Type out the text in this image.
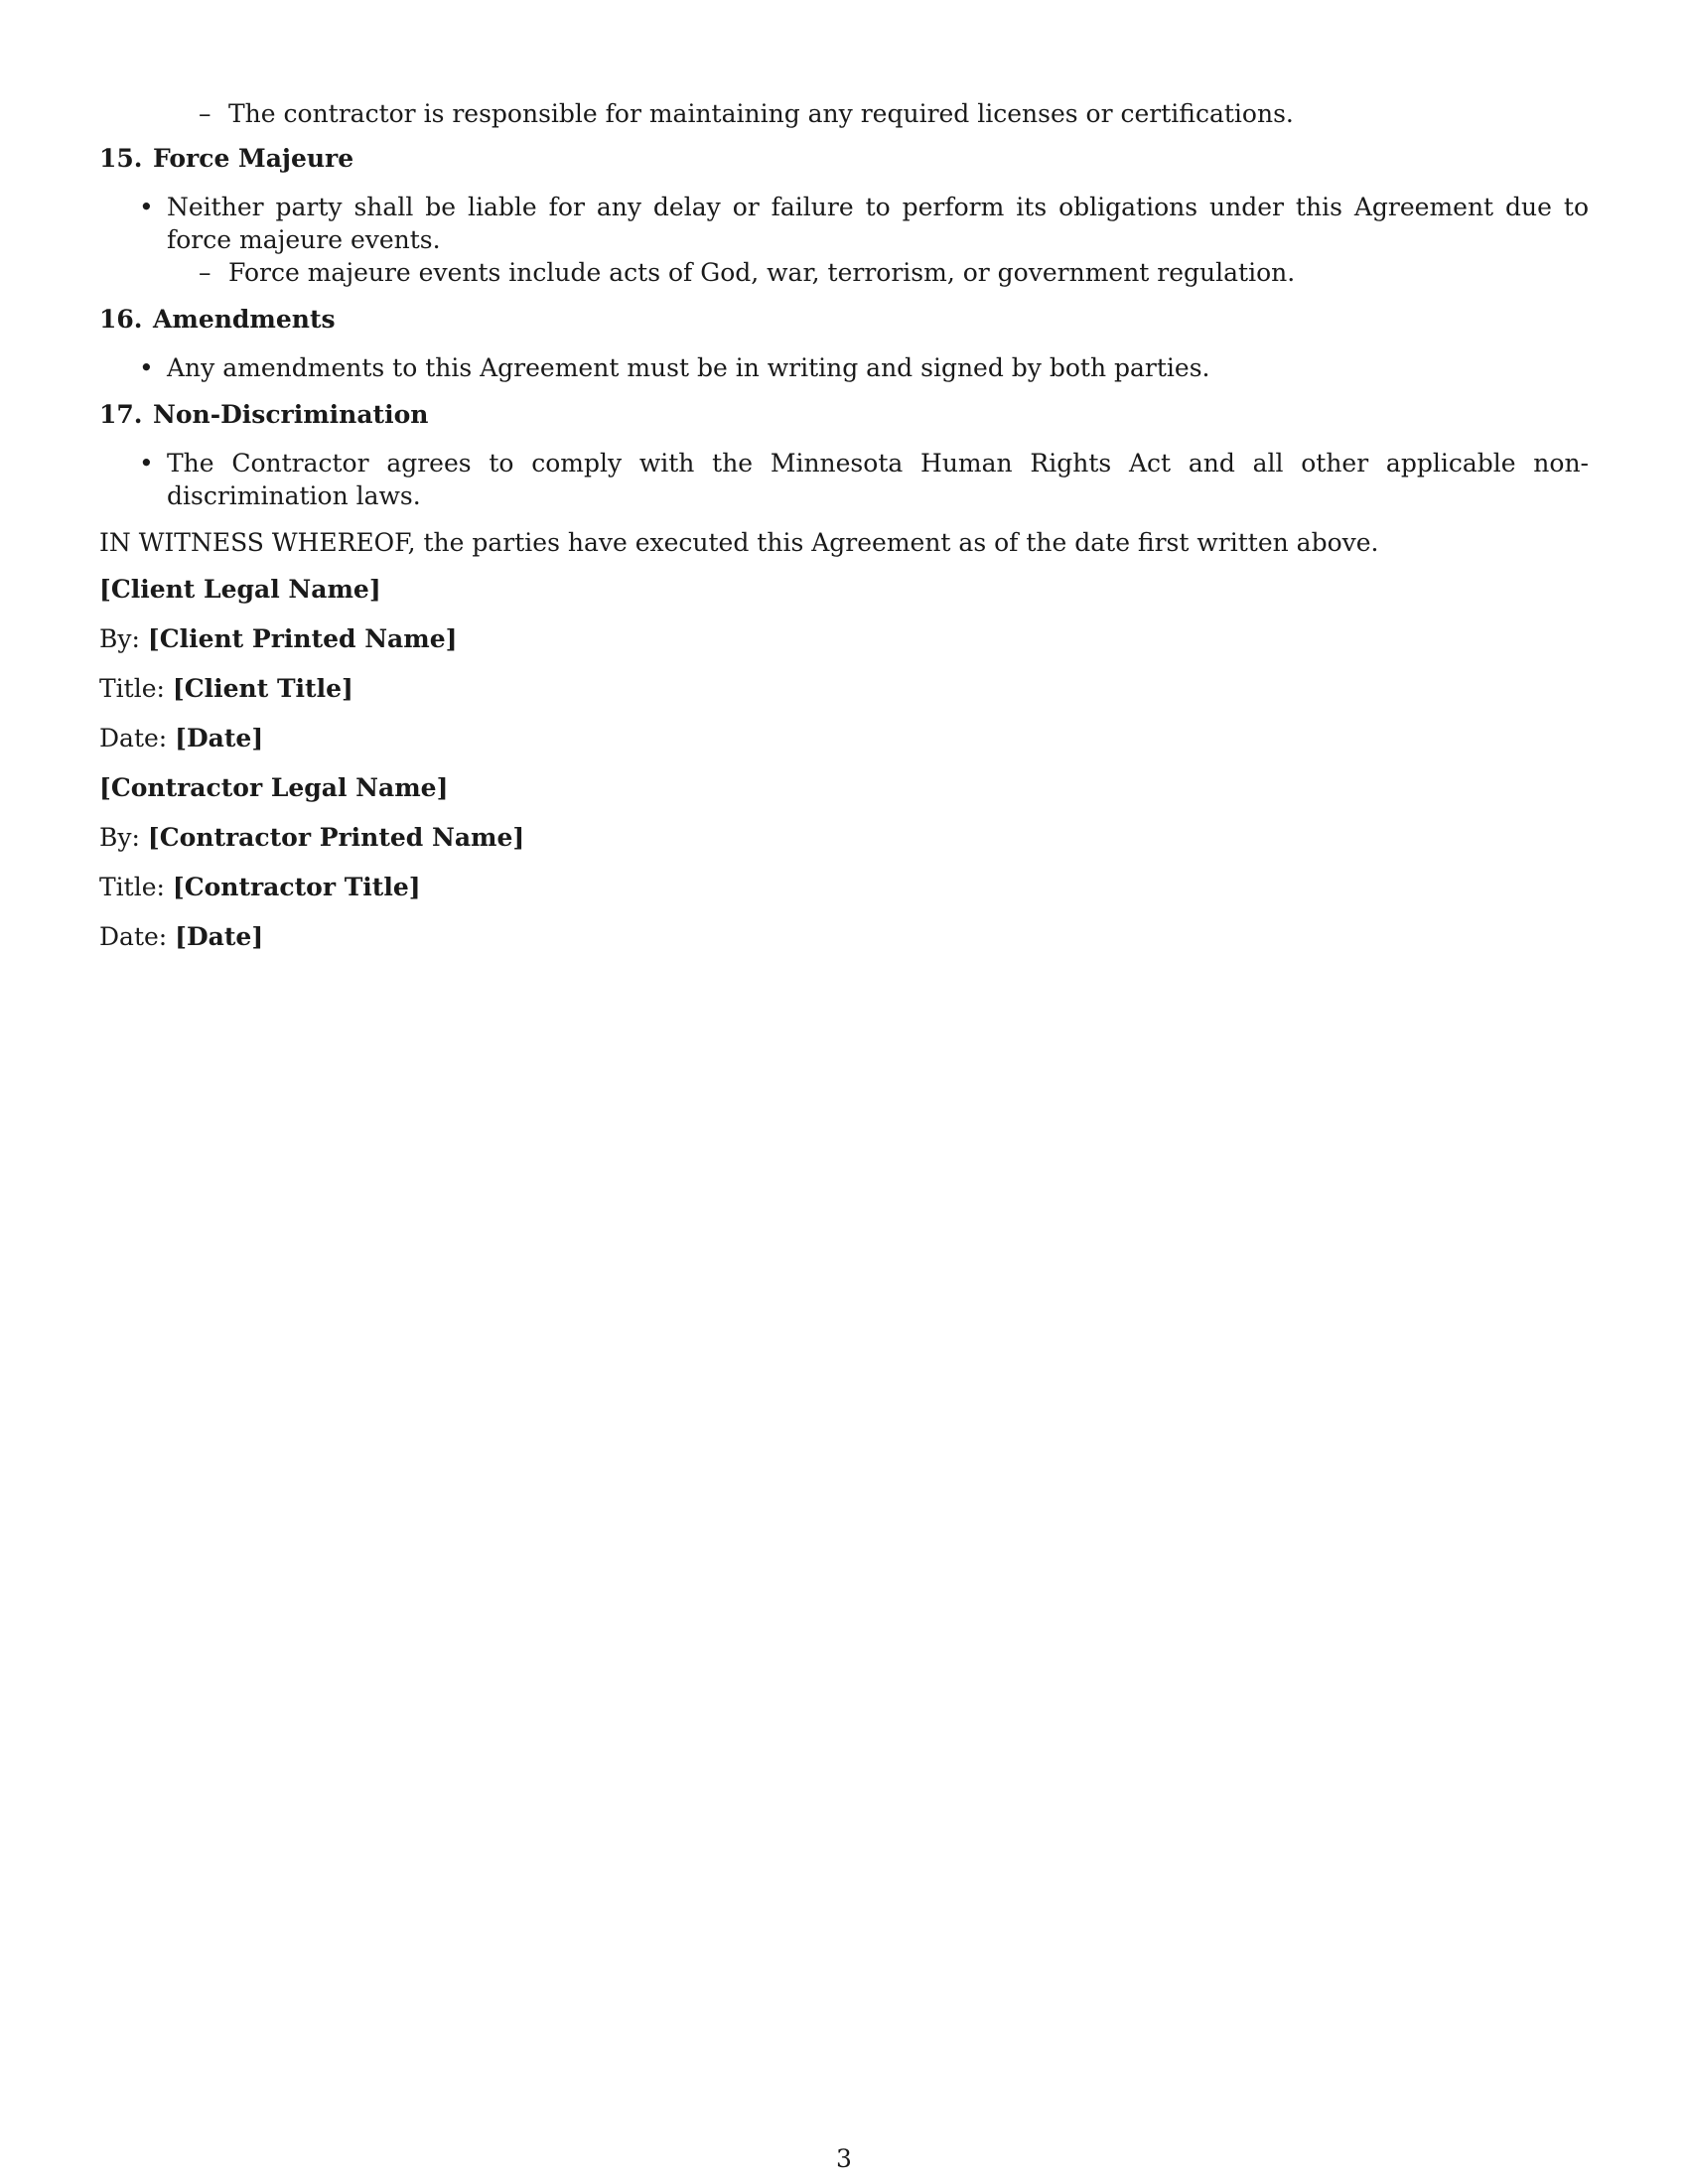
– The contractor is responsible for maintaining any required licenses or certifications.

15. Force Majeure
• Neither party shall be liable for any delay or failure to perform its obligations under this Agreement due to force majeure events.
– Force majeure events include acts of God, war, terrorism, or government regulation.
16. Amendments
• Any amendments to this Agreement must be in writing and signed by both parties.
17. Non-Discrimination
• The Contractor agrees to comply with the Minnesota Human Rights Act and all other applicable non-discrimination laws.

IN WITNESS WHEREOF, the parties have executed this Agreement as of the date first written above.

[Client Legal Name]

By: [Client Printed Name]

Title: [Client Title]

Date: [Date]

[Contractor Legal Name]

By: [Contractor Printed Name]

Title: [Contractor Title]

Date: [Date]

3
